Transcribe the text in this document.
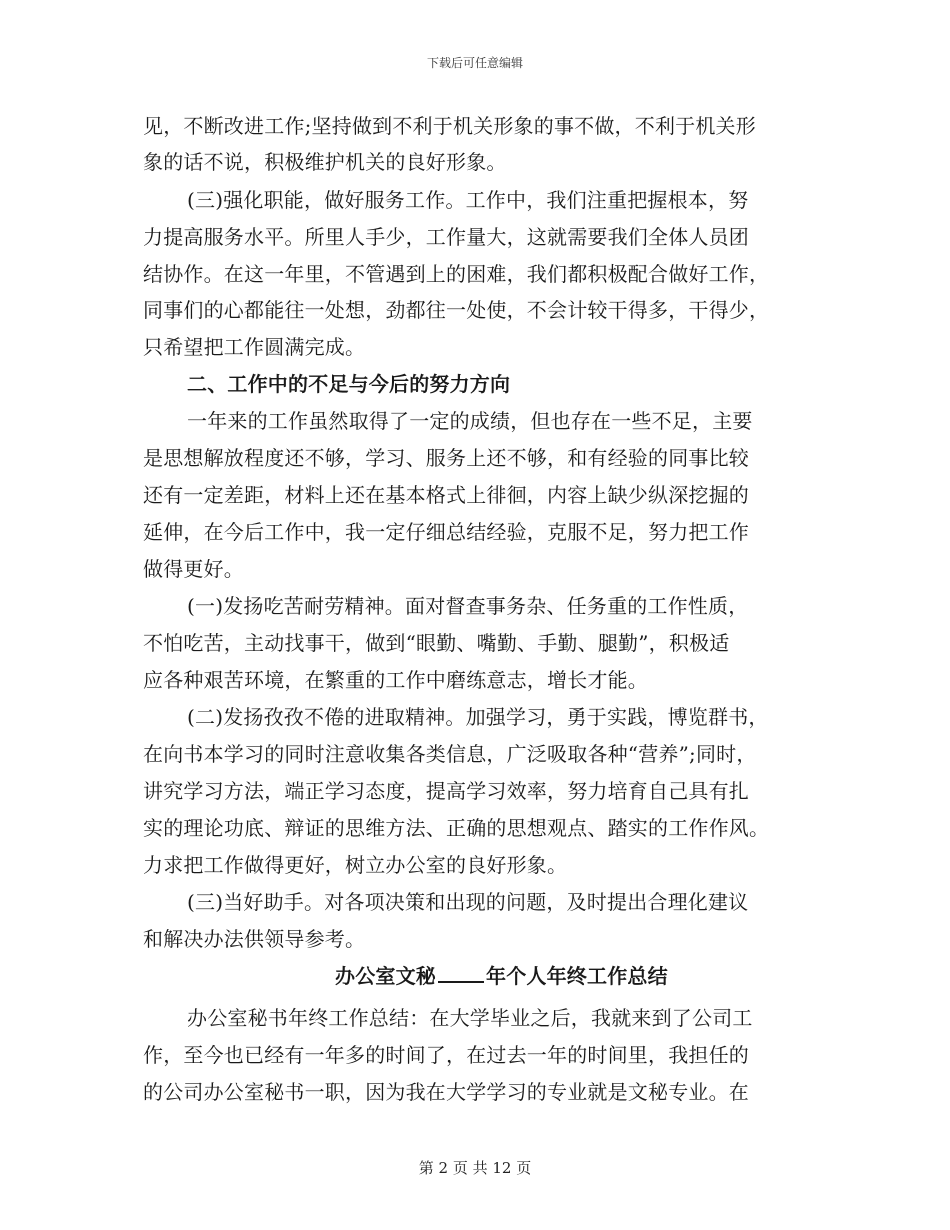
下载后可任意编辑
见，不断改进工作;坚持做到不利于机关形象的事不做，不利于机关形
象的话不说，积极维护机关的良好形象。
(三)强化职能，做好服务工作。工作中，我们注重把握根本，努
力提高服务水平。所里人手少，工作量大，这就需要我们全体人员团
结协作。在这一年里，不管遇到上的困难，我们都积极配合做好工作，
同事们的心都能往一处想，劲都往一处使，不会计较干得多，干得少，
只希望把工作圆满完成。
二、工作中的不足与今后的努力方向
一年来的工作虽然取得了一定的成绩，但也存在一些不足，主要
是思想解放程度还不够，学习、服务上还不够，和有经验的同事比较
还有一定差距，材料上还在基本格式上徘徊，内容上缺少纵深挖掘的
延伸，在今后工作中，我一定仔细总结经验，克服不足，努力把工作
做得更好。
(一)发扬吃苦耐劳精神。面对督查事务杂、任务重的工作性质，
不怕吃苦，主动找事干，做到“眼勤、嘴勤、手勤、腿勤”，积极适
应各种艰苦环境，在繁重的工作中磨练意志，增长才能。
(二)发扬孜孜不倦的进取精神。加强学习，勇于实践，博览群书，
在向书本学习的同时注意收集各类信息，广泛吸取各种“营养”;同时，
讲究学习方法，端正学习态度，提高学习效率，努力培育自己具有扎
实的理论功底、辩证的思维方法、正确的思想观点、踏实的工作作风。
力求把工作做得更好，树立办公室的良好形象。
(三)当好助手。对各项决策和出现的问题，及时提出合理化建议
和解决办法供领导参考。
办公室文秘	年个人年终工作总结
办公室秘书年终工作总结：在大学毕业之后，我就来到了公司工
作，至今也已经有一年多的时间了，在过去一年的时间里，我担任的
的公司办公室秘书一职，因为我在大学学习的专业就是文秘专业。在
第 2 页 共 12 页
